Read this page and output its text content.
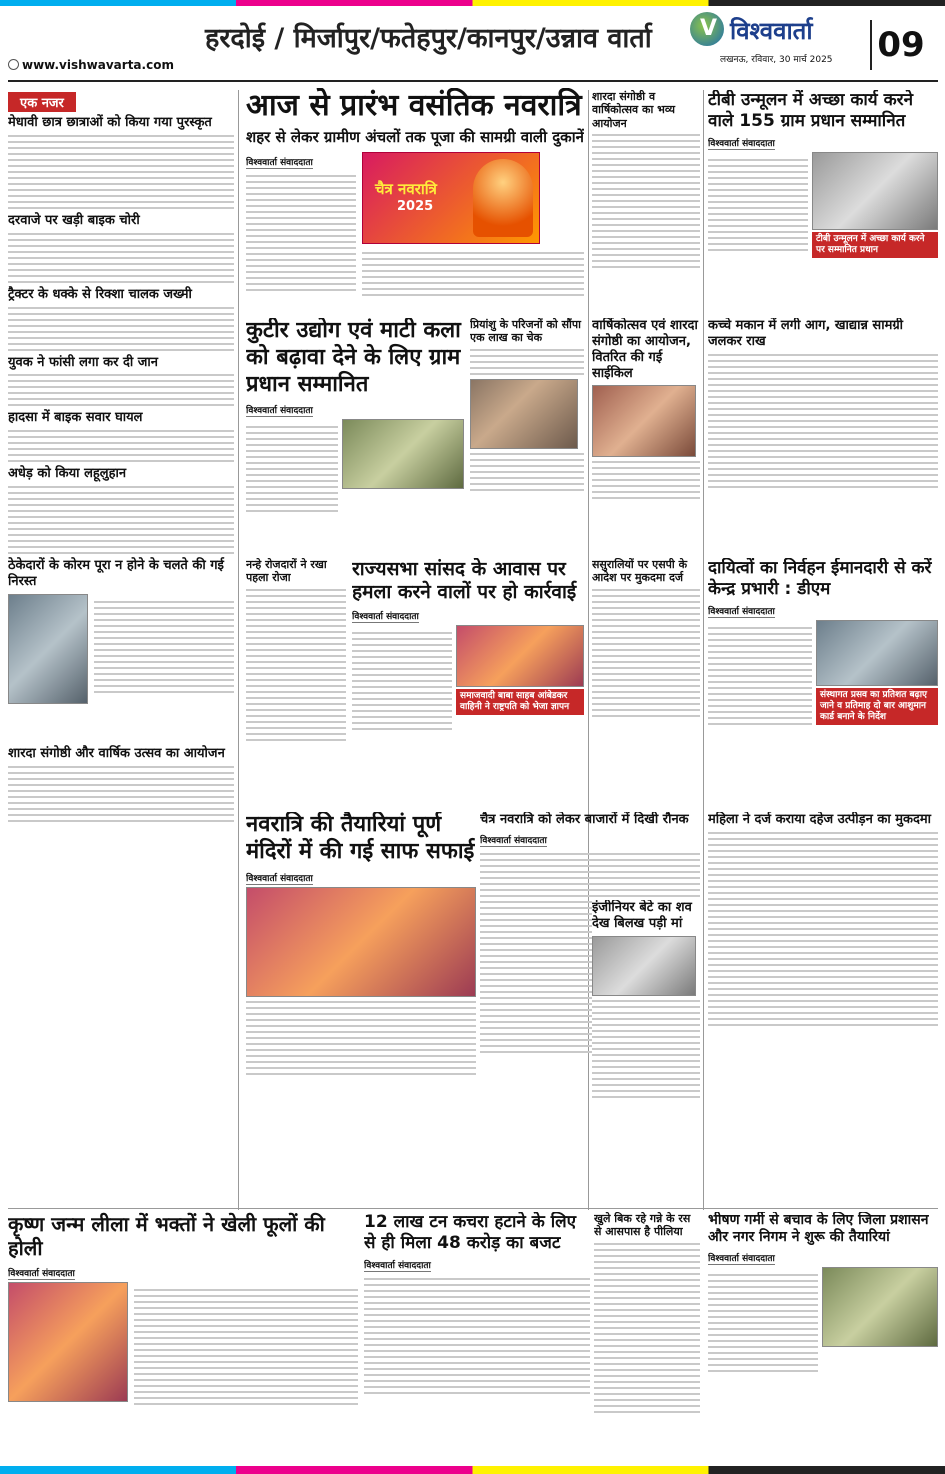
हरदोई / मिर्जापुर/फतेहपुर/कानपुर/उन्नाव वार्ता
www.vishwavarta.com
V विश्ववार्ता
लखनऊ, रविवार, 30 मार्च 2025 09
एक नजर
मेधावी छात्र छात्राओं को किया गया पुरस्कृत
दरवाजे पर खड़ी बाइक चोरी
ट्रैक्टर के धक्के से रिक्शा चालक जख्मी
युवक ने फांसी लगा कर दी जान
हादसा में बाइक सवार घायल
अधेड़ को किया लहूलुहान
ठेकेदारों के कोरम पूरा न होने के चलते की गई निरस्त
शारदा संगोष्ठी और वार्षिक उत्सव का आयोजन
आज से प्रारंभ वसंतिक नवरात्रि
शहर से लेकर ग्रामीण अंचलों तक पूजा की सामग्री वाली दुकानें
विश्ववार्ता संवाददाता
चैत्र नवरात्रि
2025
शारदा संगोष्ठी व वार्षिकोत्सव का भव्य आयोजन
टीबी उन्मूलन में अच्छा कार्य करने वाले 155 ग्राम प्रधान सम्मानित
विश्ववार्ता संवाददाता
टीबी उन्मूलन में अच्छा कार्य करने पर सम्मानित प्रधान
कुटीर उद्योग एवं माटी कला को बढ़ावा देने के लिए ग्राम प्रधान सम्मानित
विश्ववार्ता संवाददाता
प्रियांशु के परिजनों को सौंपा एक लाख का चेक
वार्षिकोत्सव एवं शारदा संगोष्ठी का आयोजन, वितरित की गई साईकिल
कच्चे मकान में लगी आग, खाद्यान्न सामग्री जलकर राख
नन्हे रोजदारों ने रखा पहला रोजा	राज्यसभा सांसद के आवास पर हमला करने वालों पर हो कार्रवाई
विश्ववार्ता संवाददाता
समाजवादी बाबा साहब आंबेडकर वाहिनी ने राष्ट्रपति को भेजा ज्ञापन
ससुरालियों पर एसपी के आदेश पर मुकदमा दर्ज	दायित्वों का निर्वहन ईमानदारी से करें केन्द्र प्रभारी : डीएम
विश्ववार्ता संवाददाता
संस्थागत प्रसव का प्रतिशत बढ़ाए जाने व प्रतिमाह दो बार आशुमान कार्ड बनाने के निर्देश
नवरात्रि की तैयारियां पूर्ण मंदिरों में की गई साफ सफाई
विश्ववार्ता संवाददाता
चैत्र नवरात्रि को लेकर बाजारों में दिखी रौनक
विश्ववार्ता संवाददाता
इंजीनियर बेटे का शव देख बिलख पड़ी मां
महिला ने दर्ज कराया दहेज उत्पीड़न का मुकदमा
कृष्ण जन्म लीला में भक्तों ने खेली फूलों की होली
विश्ववार्ता संवाददाता
12 लाख टन कचरा हटाने के लिए से ही मिला 48 करोड़ का बजट
विश्ववार्ता संवाददाता
खुले बिक रहे गन्ने के रस से आसपास है पीलिया
भीषण गर्मी से बचाव के लिए जिला प्रशासन और नगर निगम ने शुरू की तैयारियां
विश्ववार्ता संवाददाता
